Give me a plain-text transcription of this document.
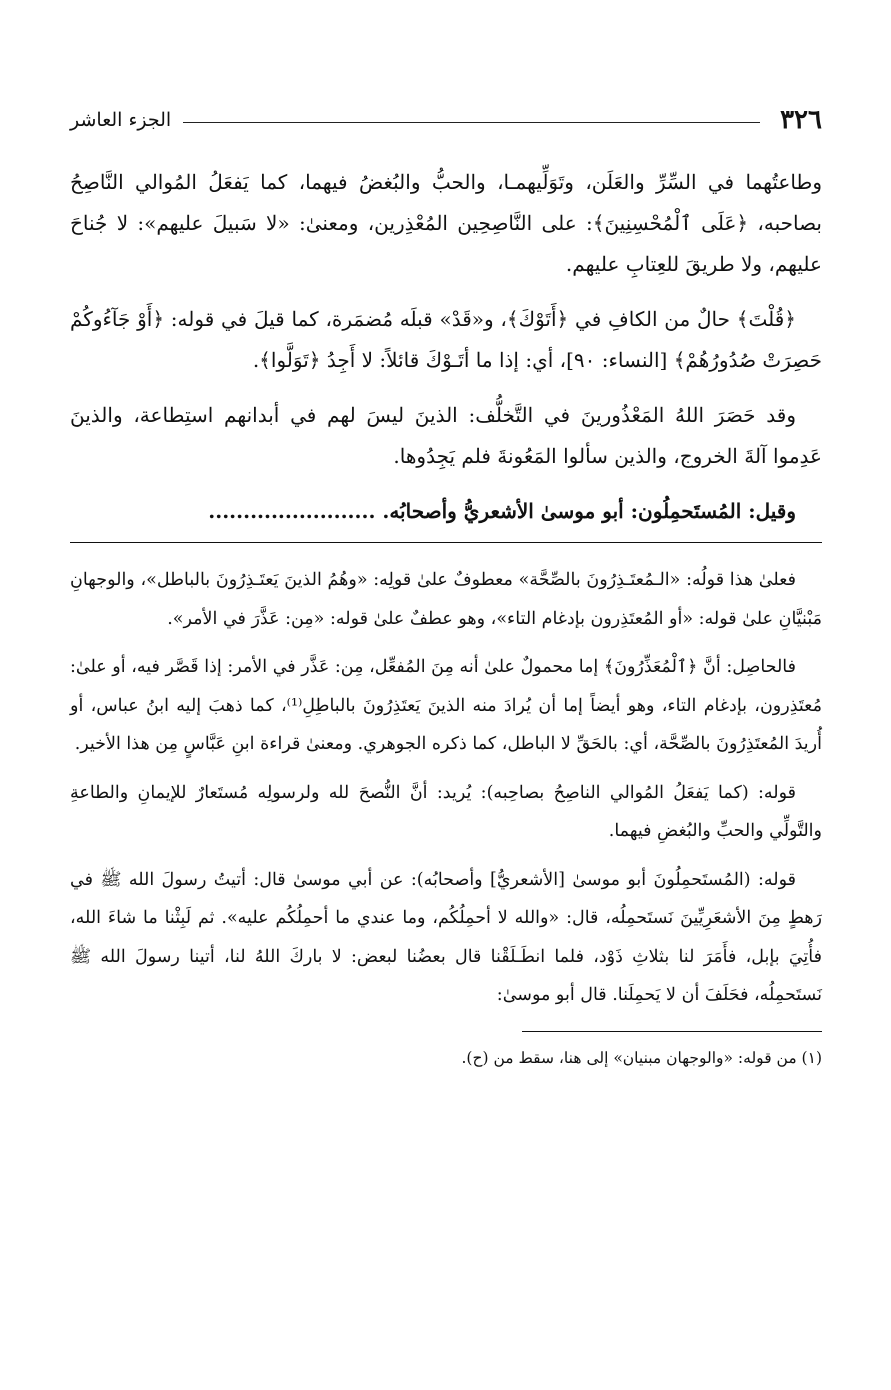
٣٢٦
الجزء العاشر

وطاعتُهما في السِّرِّ والعَلَن، وتَوَلِّيهمـا، والحبُّ والبُغضُ فيهما، كما يَفعَلُ المُوالي النَّاصِحُ بصاحبه، ﴿عَلَى ٱلْمُحْسِنِينَ﴾: على النَّاصِحِين المُعْذِرين، ومعنىٰ: «لا سَبيلَ عليهم»: لا جُناحَ عليهم، ولا طريقَ للعِتابِ عليهم.

﴿قُلْتَ﴾ حالٌ من الكافِ في ﴿أَتَوْكَ﴾، و«قَدْ» قبلَه مُضمَرة، كما قيلَ في قوله: ﴿أَوْ جَآءُوكُمْ حَصِرَتْ صُدُورُهُمْ﴾ [النساء: ٩٠]، أي: إذا ما أتَـوْكَ قائلاً: لا أَجِدُ ﴿تَوَلَّوا﴾.

وقد حَصَرَ اللهُ المَعْذُورينَ في التَّخلُّف: الذينَ ليسَ لهم في أبدانهم استِطاعة، والذينَ عَدِموا آلةَ الخروج، والذين سألوا المَعُونةَ فلم يَجِدُوها.

وقيل: المُستَحمِلُون: أبو موسىٰ الأشعريُّ وأصحابُه. ........................

فعلىٰ هذا قولُه: «الـمُعتَـذِرُونَ بالصِّحَّة» معطوفٌ علىٰ قولِه: «وهُمُ الذينَ يَعتَـذِرُونَ بالباطل»، والوجهانِ مَبْنيَّانِ علىٰ قوله: «أو المُعتَذِرون بإدغام التاء»، وهو عطفٌ علىٰ قوله: «مِن: عَذَّرَ في الأمر».

فالحاصِل: أنَّ ﴿ٱلْمُعَذِّرُونَ﴾ إما محمولٌ علىٰ أنه مِنَ المُفعِّل، مِن: عَذَّر في الأمر: إذا قَصَّر فيه، أو علىٰ: مُعتَذِرون، بإدغام التاء، وهو أيضاً إما أن يُرادَ منه الذينَ يَعتَذِرُونَ بالباطِلِ⁽¹⁾، كما ذهبَ إليه ابنُ عباس، أو أُريدَ المُعتَذِرُونَ بالصِّحَّة، أي: بالحَقِّ لا الباطل، كما ذكره الجوهري. ومعنىٰ قراءة ابنِ عَبَّاسٍ مِن هذا الأخير.

قوله: (كما يَفعَلُ المُوالي الناصِحُ بصاحِبه): يُريد: أنَّ النُّصحَ لله ولرسولِه مُستَعارٌ للإيمانِ والطاعةِ والتَّولِّي والحبِّ والبُغضِ فيهما.

قوله: (المُستَحمِلُونَ أبو موسىٰ [الأشعريُّ] وأصحابُه): عن أبي موسىٰ قال: أتيتُ رسولَ الله ﷺ في رَهطٍ مِنَ الأشعَرِيِّينَ نَستَحمِلُه، قال: «والله لا أحمِلُكُم، وما عندي ما أحمِلُكُم عليه». ثم لَبِثْنا ما شاءَ الله، فأُتِيَ بإبل، فأَمَرَ لنا بثلاثِ ذَوْد، فلما انطَـلَقْنا قال بعضُنا لبعض: لا باركَ اللهُ لنا، أتينا رسولَ الله ﷺ نَستَحمِلُه، فحَلَفَ أن لا يَحمِلَنا. قال أبو موسىٰ:

(١) من قوله: «والوجهان مبنيان» إلى هنا، سقط من (ح).
